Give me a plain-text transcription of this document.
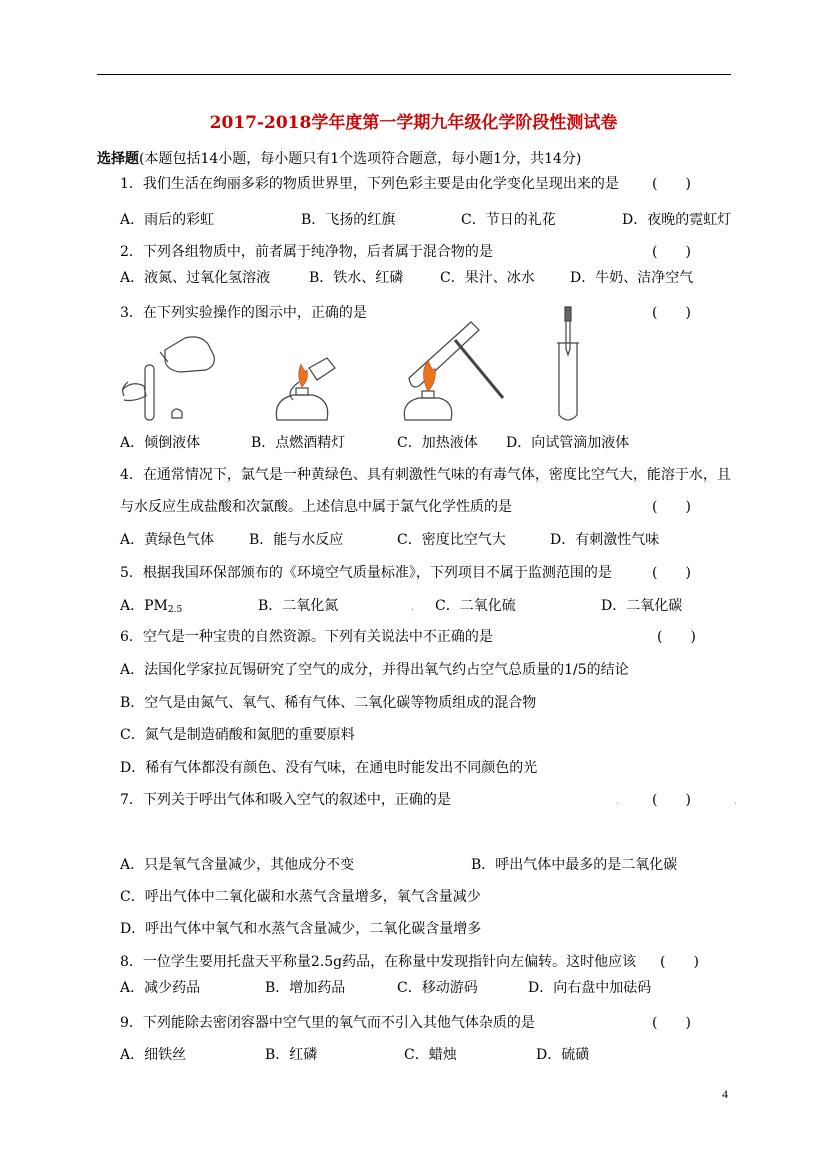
2017-2018学年度第一学期九年级化学阶段性测试卷
选择题(本题包括14小题，每小题只有1个选项符合题意，每小题1分，共14分)
1．我们生活在绚丽多彩的物质世界里，下列色彩主要是由化学变化呈现出来的是 (　　)
A．雨后的彩虹	B．飞扬的红旗	C．节日的礼花	D．夜晚的霓虹灯
2．下列各组物质中，前者属于纯净物，后者属于混合物的是	(　　)
A．液氮、过氧化氢溶液	B．铁水、红磷	C．果汁、冰水	D．牛奶、洁净空气
3．在下列实验操作的图示中，正确的是	(　　)
A．倾倒液体	B．点燃酒精灯	C．加热液体 D．向试管滴加液体
4．在通常情况下，氯气是一种黄绿色、具有刺激性气味的有毒气体，密度比空气大，能溶于水，且
与水反应生成盐酸和次氯酸。上述信息中属于氯气化学性质的是	(　　)
A．黄绿色气体 B．能与水反应	C．密度比空气大	D．有刺激性气味
5．根据我国环保部颁布的《环境空气质量标准》，下列项目不属于监测范围的是	(　　)
A．$PM_{2.5}$	B．二氧化氮	. C．二氧化硫	D．二氧化碳
6．空气是一种宝贵的自然资源。下列有关说法中不正确的是	(　　)
A．法国化学家拉瓦锡研究了空气的成分，并得出氧气约占空气总质量的1/5的结论
B．空气是由氮气、氧气、稀有气体、二氧化碳等物质组成的混合物
C．氮气是制造硝酸和氮肥的重要原料
D．稀有气体都没有颜色、没有气味，在通电时能发出不同颜色的光
7．下列关于呼出气体和吸入空气的叙述中，正确的是	. (　　)	.
A．只是氧气含量减少，其他成分不变	B．呼出气体中最多的是二氧化碳
C．呼出气体中二氧化碳和水蒸气含量增多，氧气含量减少
D．呼出气体中氧气和水蒸气含量减少，二氧化碳含量增多
8．一位学生要用托盘天平称量2.5g药品，在称量中发现指针向左偏转。这时他应该 (　　)
A．减少药品	B．增加药品	C．移动游码	D．向右盘中加砝码
9．下列能除去密闭容器中空气里的氧气而不引入其他气体杂质的是	(　　)
A．细铁丝	B．红磷	C．蜡烛	D．硫磺
4
